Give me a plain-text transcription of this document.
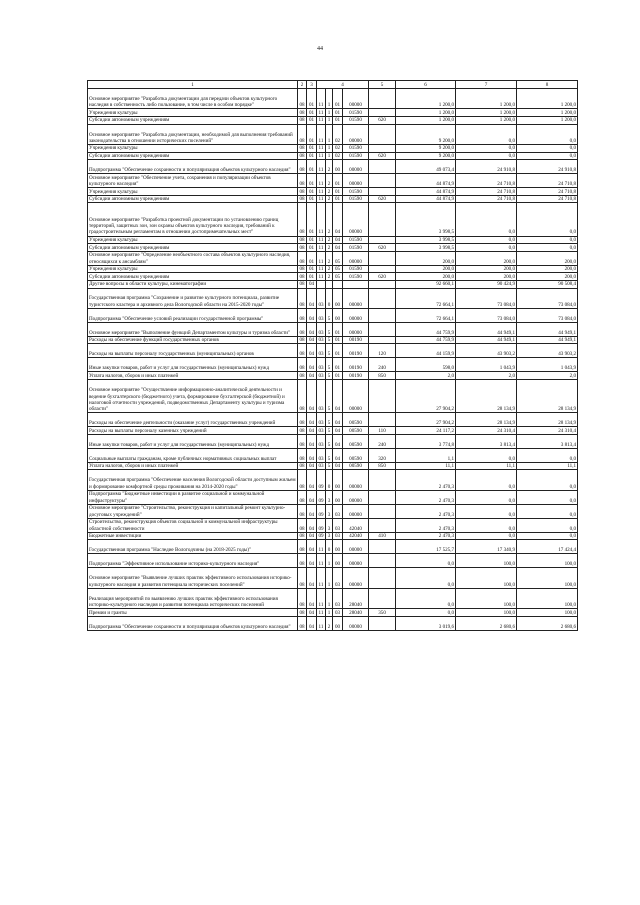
44
1	2	3	4				5	6	7	8
Основное мероприятие "Разработка документации для передачи объектов культурного наследия в собственность либо пользование, в том числе в особом порядке"	08	01	11	1	01	00000		1 200,0	1 200,0	1 200,0
Учреждения культуры	08	01	11	1	01	01590		1 200,0	1 200,0	1 200,0
Субсидии автономным учреждениям	08	01	11	1	01	01590	620	1 200,0	1 200,0	1 200,0
Основное мероприятие "Разработка документации, необходимой для выполнения требований законодательства в отношении исторических поселений"	08	01	11	1	02	00000		9 200,0	0,0	0,0
Учреждения культуры	08	01	11	1	02	01590		9 200,0	0,0	0,0
Субсидии автономным учреждениям	08	01	11	1	02	01590	620	9 200,0	0,0	0,0
Подпрограмма "Обеспечение сохранности и популяризация объектов культурного наследия"	08	01	11	2	00	00000		49 073,4	24 910,8	24 910,8
Основное мероприятие "Обеспечение учета, сохранения и популяризации объектов культурного наследия"	08	01	11	2	01	00000		44 874,9	24 710,8	24 710,8
Учреждения культуры	08	01	11	2	01	01590		44 874,9	24 710,8	24 710,8
Субсидии автономным учреждениям	08	01	11	2	01	01590	620	44 874,9	24 710,8	24 710,8
Основное мероприятие "Разработка проектной документации по установлению границ территорий, защитных зон, зон охраны объектов культурного наследия, требований к градостроительным регламентам в отношении достопримечательных мест"	08	01	11	2	04	00000		3 998,5	0,0	0,0
Учреждения культуры	08	01	11	2	04	01590		3 998,5	0,0	0,0
Субсидии автономным учреждениям	08	01	11	2	04	01590	620	3 998,5	0,0	0,0
Основное мероприятие "Определение необъектного состава объектов культурного наследия, относящихся к ансамблям"	08	01	11	2	05	00000		200,0	200,0	200,0
Учреждения культуры	08	01	11	2	05	01590		200,0	200,0	200,0
Субсидии автономным учреждениям	08	01	11	2	05	01590	620	200,0	200,0	200,0
Другие вопросы в области культуры, кинематографии	08	04						92 660,1	90 424,9	90 508,4
Государственная программа "Сохранение и развитие культурного потенциала, развитие туристского кластера и архивного дела Вологодской области на 2015-2020 годы"	08	04	03	0	00	00000		72 664,1	73 084,0	73 084,0
Подпрограмма "Обеспечение условий реализации государственной программы"	08	04	03	5	00	00000		72 664,1	73 084,0	73 084,0
Основное мероприятие "Выполнение функций Департаментом культуры и туризма области"	08	04	03	5	01	00000		44 759,9	44 949,1	44 949,1
Расходы на обеспечение функций государственных органов	08	04	03	5	01	00190		44 759,9	44 949,1	44 949,1
Расходы на выплаты персоналу государственных (муниципальных) органов	08	04	03	5	01	00190	120	44 159,9	43 903,2	43 903,2
Иные закупки товаров, работ и услуг для государственных (муниципальных) нужд	08	04	03	5	01	00190	240	598,0	1 043,9	1 043,9
Уплата налогов, сборов и иных платежей	08	04	03	5	01	00190	850	2,0	2,0	2,0
Основное мероприятие "Осуществление информационно-аналитической деятельности и ведение бухгалтерского (бюджетного) учета, формирование бухгалтерской (бюджетной) и налоговой отчетности учреждений, подведомственных Департаменту культуры и туризма области"	08	04	03	5	04	00000		27 904,2	28 134,9	28 134,9
Расходы на обеспечение деятельности (оказание услуг) государственных учреждений	08	04	03	5	04	00590		27 904,2	28 134,9	28 134,9
Расходы на выплаты персоналу казенных учреждений	08	04	03	5	04	00590	110	24 117,2	24 310,4	24 310,4
Иные закупки товаров, работ и услуг для государственных (муниципальных) нужд	08	04	03	5	04	00590	240	3 774,8	3 813,4	3 813,4
Социальные выплаты гражданам, кроме публичных нормативных социальных выплат	08	04	03	5	04	00590	320	1,1	0,0	0,0
Уплата налогов, сборов и иных платежей	08	04	03	5	04	00590	850	11,1	11,1	11,1
Государственная программа "Обеспечение населения Вологодской области доступным жильем и формирование комфортной среды проживания на 2014-2020 годы"	08	04	09	0	00	00000		2 470,3	0,0	0,0
Подпрограмма "Бюджетные инвестиции в развитие социальной и коммунальной инфраструктуры"	08	04	09	3	00	00000		2 470,3	0,0	0,0
Основное мероприятие "Строительство, реконструкция и капитальный ремонт культурно-досуговых учреждений"	08	04	09	3	03	00000		2 470,3	0,0	0,0
Строительство, реконструкция объектов социальной и коммунальной инфраструктуры областной собственности	08	04	09	3	03	42040		2 470,3	0,0	0,0
Бюджетные инвестиции	08	04	09	3	03	42040	410	2 470,3	0,0	0,0
Государственная программа "Наследие Вологодчины (на 2018-2025 годы)"	08	04	11	0	00	00000		17 525,7	17 340,9	17 424,4
Подпрограмма "Эффективное использование историко-культурного наследия"	08	04	11	1	00	00000		0,0	100,0	100,0
Основное мероприятие "Выявление лучших практик эффективного использования историко-культурного наследия и развития потенциала исторических поселений"	08	04	11	1	03	00000		0,0	100,0	100,0
Реализация мероприятий по выявлению лучших практик эффективного использования историко-культурного наследия и развития потенциала исторических поселений	08	04	11	1	03	28040		0,0	100,0	100,0
Премии и гранты	08	04	11	1	03	28040	350	0,0	100,0	100,0
Подпрограмма "Обеспечение сохранности и популяризация объектов культурного наследия"	08	04	11	2	00	00000		3 019,6	2 680,6	2 680,6
